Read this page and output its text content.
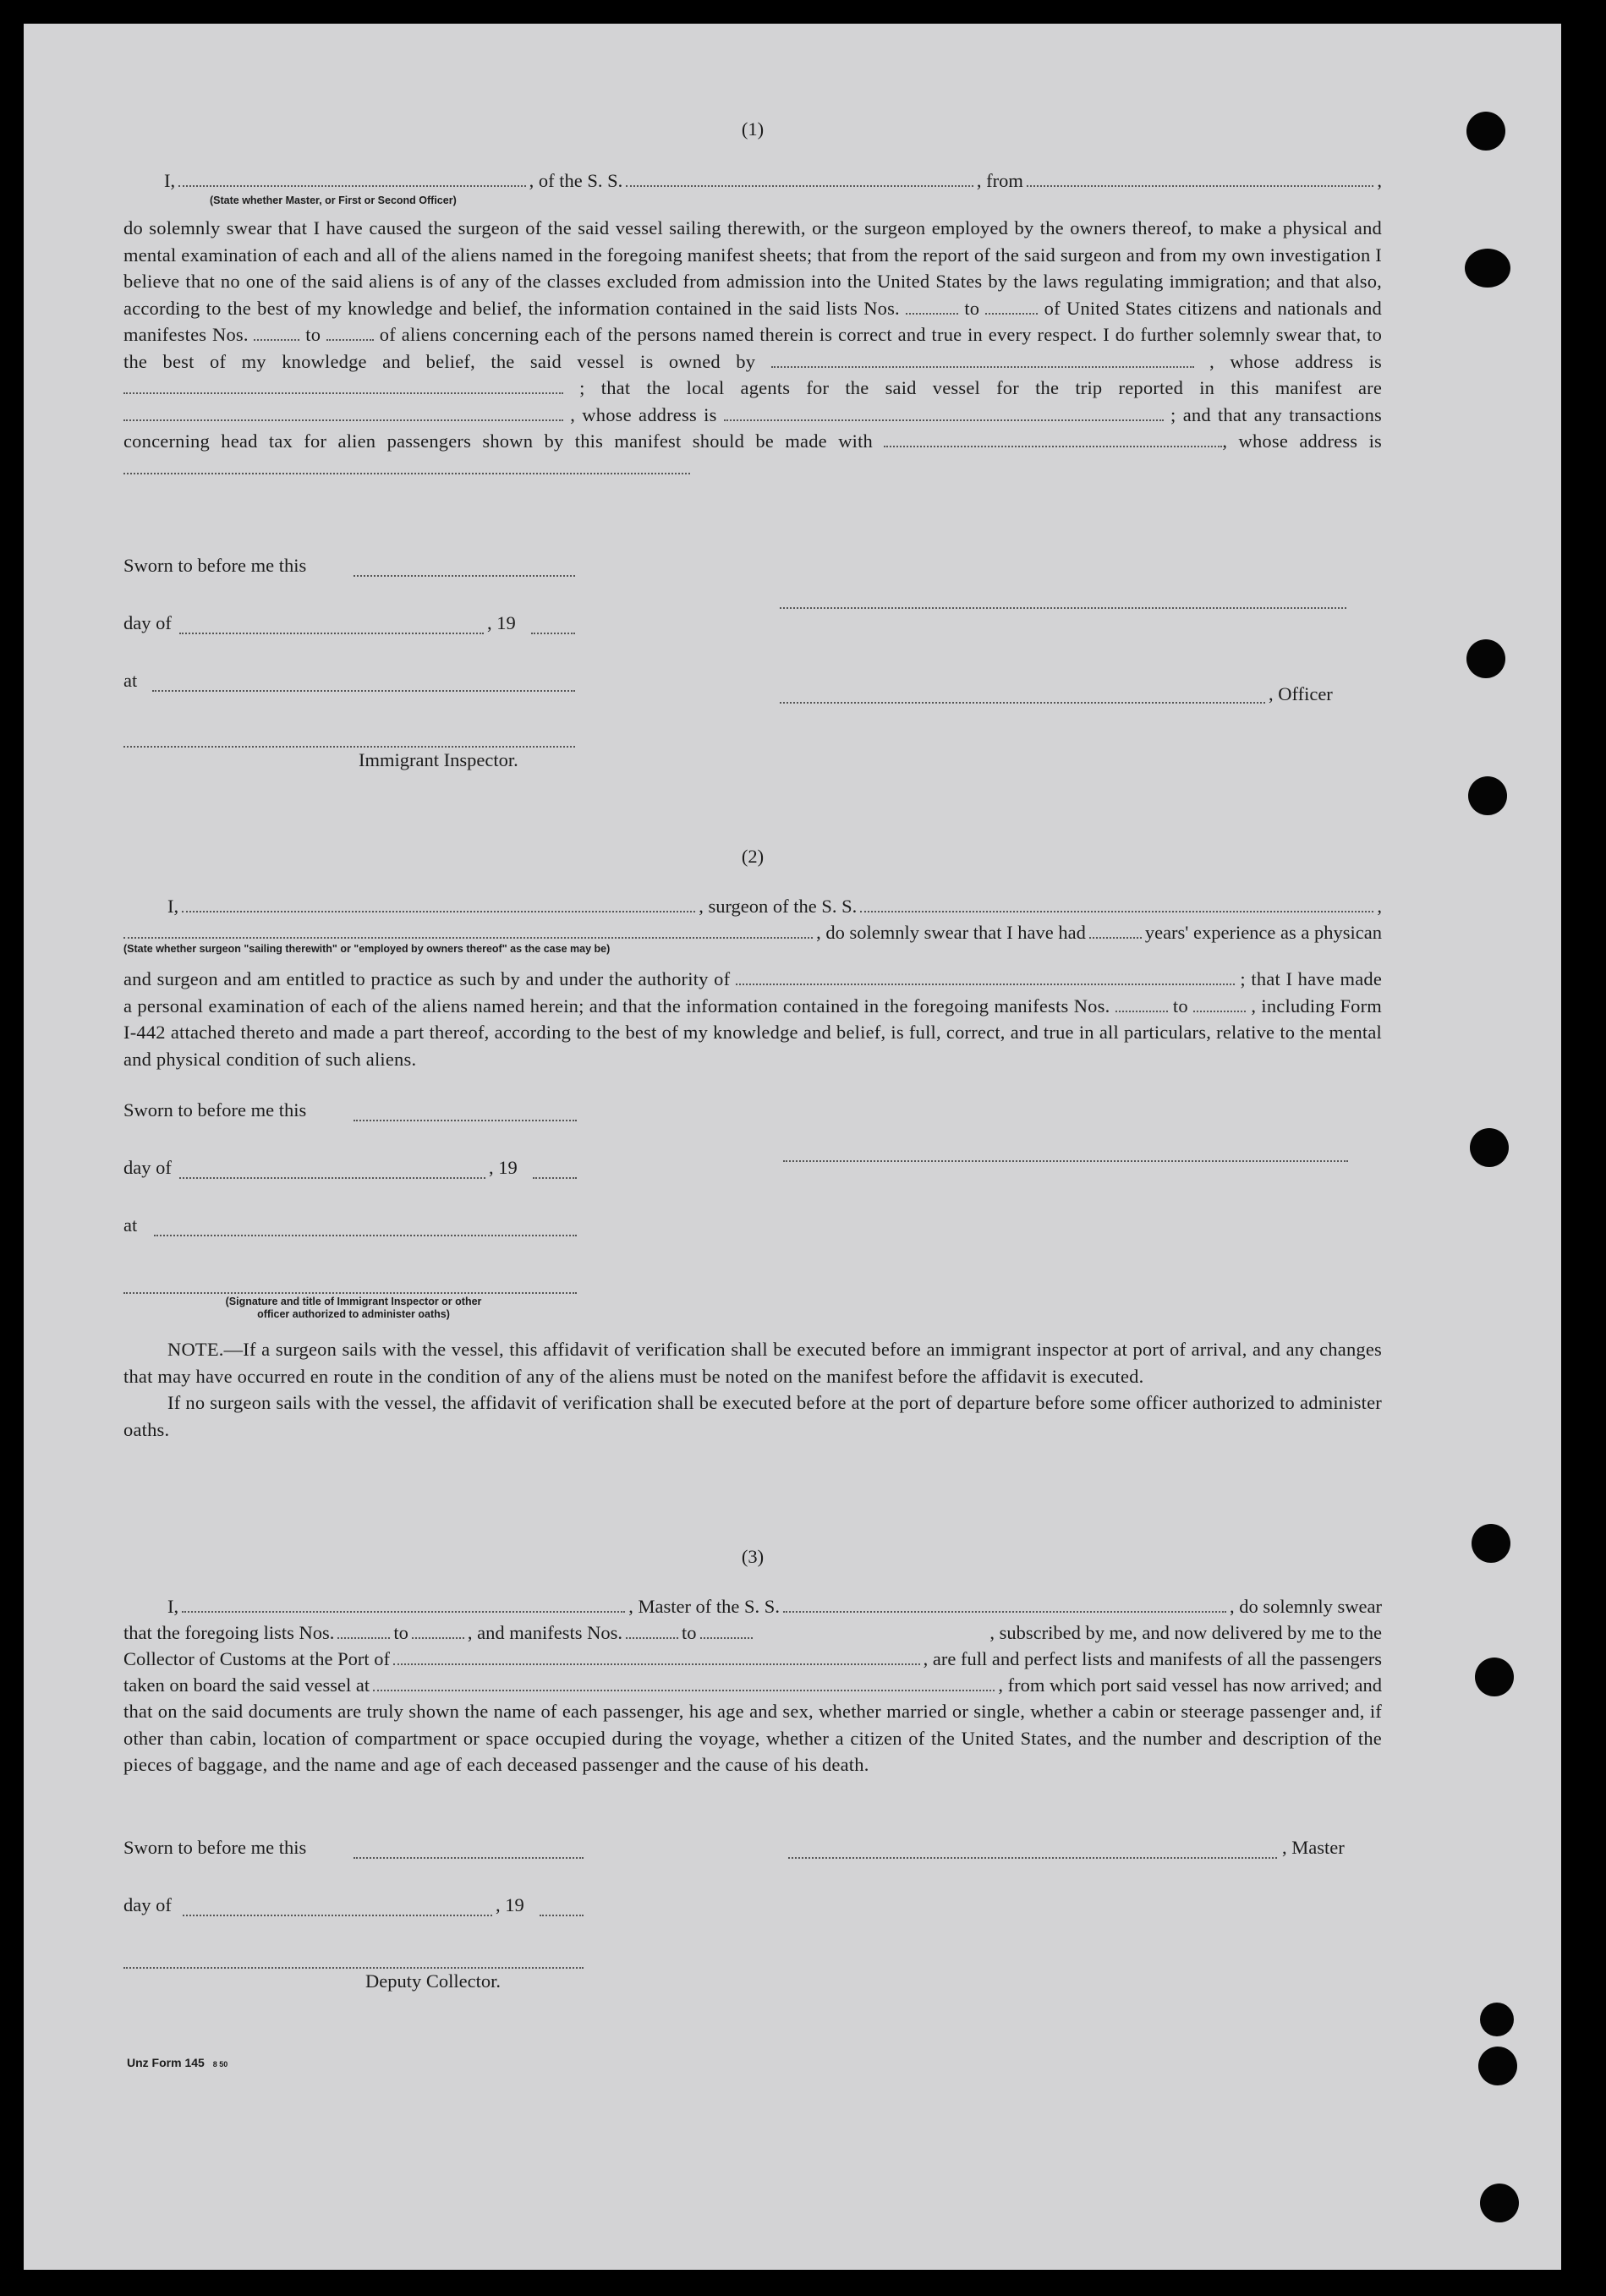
(1)
I,	, of the S. S.	, from	,
(State whether Master, or First or Second Officer)

do solemnly swear that I have caused the surgeon of the said vessel sailing therewith, or the surgeon employed by the owners thereof, to make a physical and mental examination of each and all of the aliens named in the foregoing manifest sheets; that from the report of the said surgeon and from my own investigation I believe that no one of the said aliens is of any of the classes excluded from admission into the United States by the laws regulating immigration; and that also, according to the best of my knowledge and belief, the information contained in the said lists Nos.	to	of United States citizens and nationals and manifestes Nos.	to	of aliens concerning each of the persons named therein is correct and true in every respect. I do further solemnly swear that, to the best of my knowledge and belief, the said vessel is owned by	, whose address is  ; that the local agents for the said vessel for the trip reported in this manifest are  , whose address is	; and that any transactions concerning head tax for alien passengers shown by this manifest should be made with	, whose address is

Sworn to before me this
day of	, 19
at
, Officer
Immigrant Inspector.
(2)
I,	, surgeon of the S. S.	,
, do solemnly swear that I have had	years' experience as a physican
(State whether surgeon "sailing therewith" or "employed by owners thereof" as the case may be)

and surgeon and am entitled to practice as such by and under the authority of	; that I have made a personal examination of each of the aliens named herein; and that the information contained in the foregoing manifests Nos.	to	, including Form I-442 attached thereto and made a part thereof, according to the best of my knowledge and belief, is full, correct, and true in all particulars, relative to the mental and physical condition of such aliens.

Sworn to before me this
day of	, 19
at
(Signature and title of Immigrant Inspector or other
officer authorized to administer oaths)

NOTE.—If a surgeon sails with the vessel, this affidavit of verification shall be executed before an immigrant inspector at port of arrival, and any changes that may have occurred en route in the condition of any of the aliens must be noted on the manifest before the affidavit is executed.

If no surgeon sails with the vessel, the affidavit of verification shall be executed before at the port of departure before some officer authorized to administer oaths.

(3)
I,	, Master of the S. S.	, do solemnly swear
that the foregoing lists Nos.	to	, and manifests Nos.	to	, subscribed by me, and now delivered by me to the
Collector of Customs at the Port of	, are full and perfect lists and manifests of all the passengers
taken on board the said vessel at	, from which port said vessel has now arrived; and

that on the said documents are truly shown the name of each passenger, his age and sex, whether married or single, whether a cabin or steerage passenger and, if other than cabin, location of compartment or space occupied during the voyage, whether a citizen of the United States, and the number and description of the pieces of baggage, and the name and age of each deceased passenger and the cause of his death.

Sworn to before me this	, Master
day of	, 19
Deputy Collector.
Unz Form 145 8 50
